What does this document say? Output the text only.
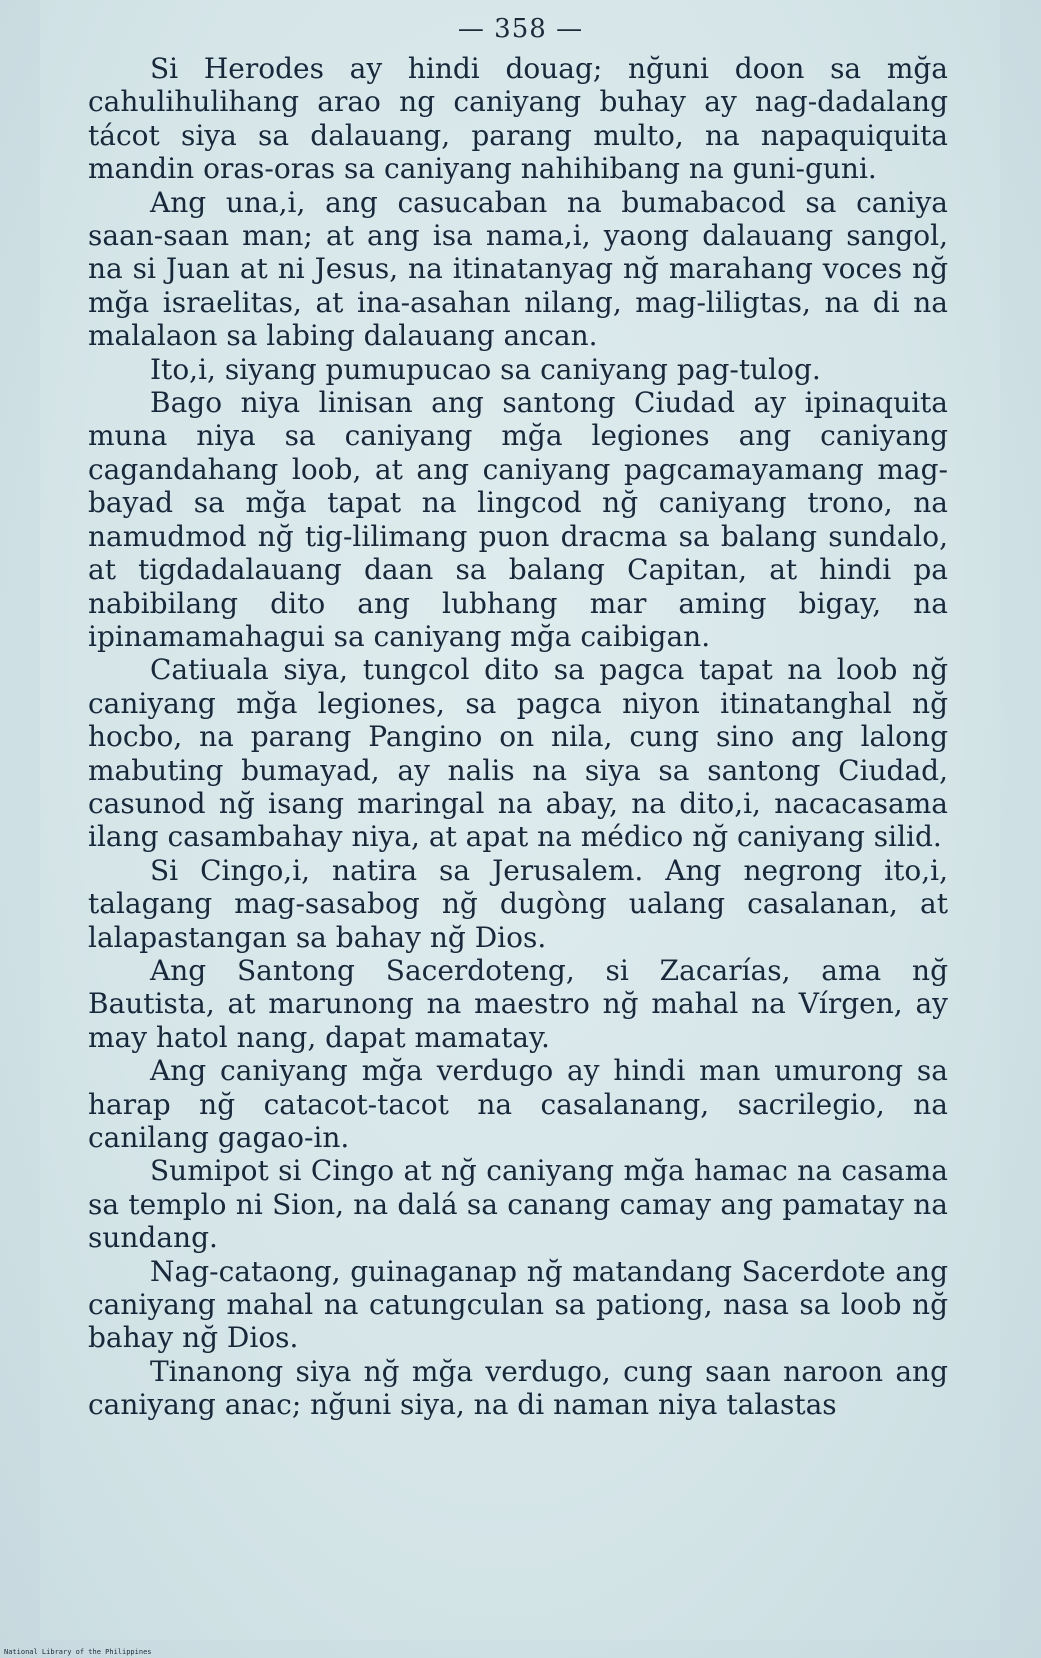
— 358 —

Si Herodes ay hindi douag; nğuni doon sa mğa cahulihulihang arao ng caniyang buhay ay nag-dadalang tácot siya sa dalauang, parang multo, na napaquiquita mandin oras-oras sa caniyang nahihibang na guni-guni.

Ang una,i, ang casucaban na bumabacod sa caniya saan-saan man; at ang isa nama,i, yaong dalauang sangol, na si Juan at ni Jesus, na itinatanyag nğ marahang voces nğ mğa israelitas, at ina-asahan nilang, mag-liligtas, na di na malalaon sa labing dalauang ancan.

Ito,i, siyang pumupucao sa caniyang pag-tulog.

Bago niya linisan ang santong Ciudad ay ipinaquita muna niya sa caniyang mğa legiones ang caniyang cagandahang loob, at ang caniyang pagcamayamang mag-bayad sa mğa tapat na lingcod nğ caniyang trono, na namudmod nğ tig-lilimang puon dracma sa balang sundalo, at tigdadalauang daan sa balang Capitan, at hindi pa nabibilang dito ang lubhang mar aming bigay, na ipinamamahagui sa caniyang mğa caibigan.

Catiuala siya, tungcol dito sa pagca tapat na loob nğ caniyang mğa legiones, sa pagca niyon itinatanghal nğ hocbo, na parang Pangino on nila, cung sino ang lalong mabuting bumayad, ay nalis na siya sa santong Ciudad, casunod nğ isang maringal na abay, na dito,i, nacacasama ilang casambahay niya, at apat na médico nğ caniyang silid.

Si Cingo,i, natira sa Jerusalem. Ang negrong ito,i, talagang mag-sasabog nğ dugòng ualang casalanan, at lalapastangan sa bahay nğ Dios.

Ang Santong Sacerdoteng, si Zacarías, ama nğ Bautista, at marunong na maestro nğ mahal na Vírgen, ay may hatol nang, dapat mamatay.

Ang caniyang mğa verdugo ay hindi man umurong sa harap nğ catacot-tacot na casalanang, sacrilegio, na canilang gagao-in.

Sumipot si Cingo at nğ caniyang mğa hamac na casama sa templo ni Sion, na dalá sa canang camay ang pamatay na sundang.

Nag-cataong, guinaganap nğ matandang Sacerdote ang caniyang mahal na catungculan sa pationg, nasa sa loob nğ bahay nğ Dios.

Tinanong siya nğ mğa verdugo, cung saan naroon ang caniyang anac; nğuni siya, na di naman niya talastas

National Library of the Philippines
